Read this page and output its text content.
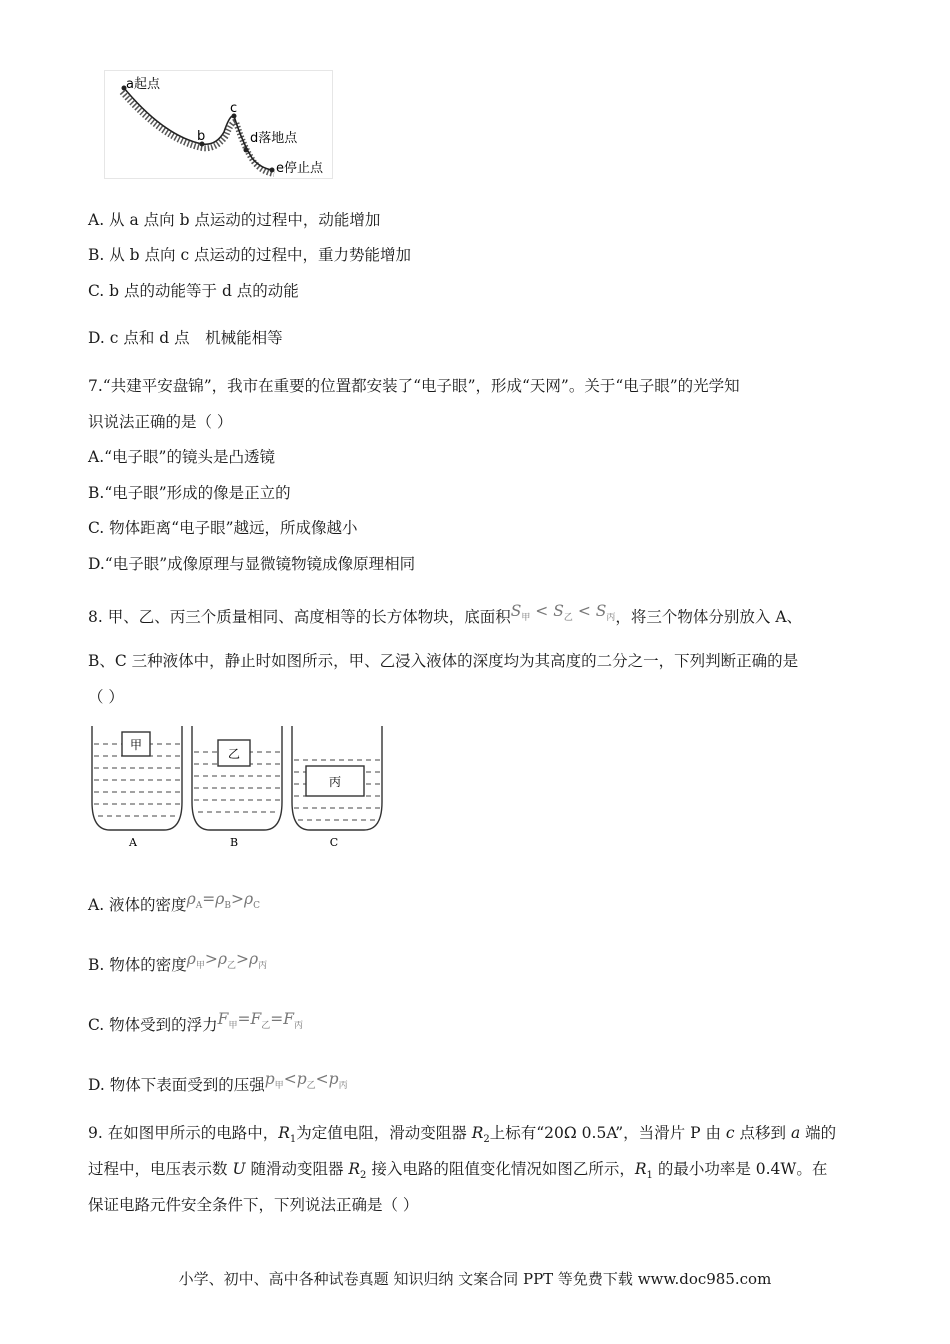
a起点
b
c
d落地点
e停止点
A. 从 a 点向 b 点运动的过程中，动能增加
B. 从 b 点向 c 点运动的过程中，重力势能增加
C. b 点的动能等于 d 点的动能
D. c 点和 d 点　机械能相等
7.“共建平安盘锦”，我市在重要的位置都安装了“电子眼”，形成“天网”。关于“电子眼”的光学知
识说法正确的是（ ）
A.“电子眼”的镜头是凸透镜
B.“电子眼”形成的像是正立的
C. 物体距离“电子眼”越远，所成像越小
D.“电子眼”成像原理与显微镜物镜成像原理相同
8. 甲、乙、丙三个质量相同、高度相等的长方体物块，底面积$S_甲 < S_乙 < S_丙$，将三个物体分别放入 A、
B、C 三种液体中，静止时如图所示，甲、乙浸入液体的深度均为其高度的二分之一，下列判断正确的是
（ ）
甲
乙
丙
A	B	C
A. 液体的密度$\rho_A=\rho_B>\rho_C$
B. 物体的密度$\rho_甲>\rho_乙>\rho_丙$
C. 物体受到的浮力$F_甲=F_乙=F_丙$
D. 物体下表面受到的压强$p_甲<p_乙<p_丙$
9. 在如图甲所示的电路中，$R_1$为定值电阻，滑动变阻器 $R_2$上标有“20Ω 0.5A”，当滑片 P 由 c 点移到 a 端的
过程中，电压表示数 U 随滑动变阻器 $R_2$ 接入电路的阻值变化情况如图乙所示，$R_1$ 的最小功率是 0.4W。在
保证电路元件安全条件下，下列说法正确是（ ）
小学、初中、高中各种试卷真题 知识归纳 文案合同 PPT 等免费下载 www.doc985.com
